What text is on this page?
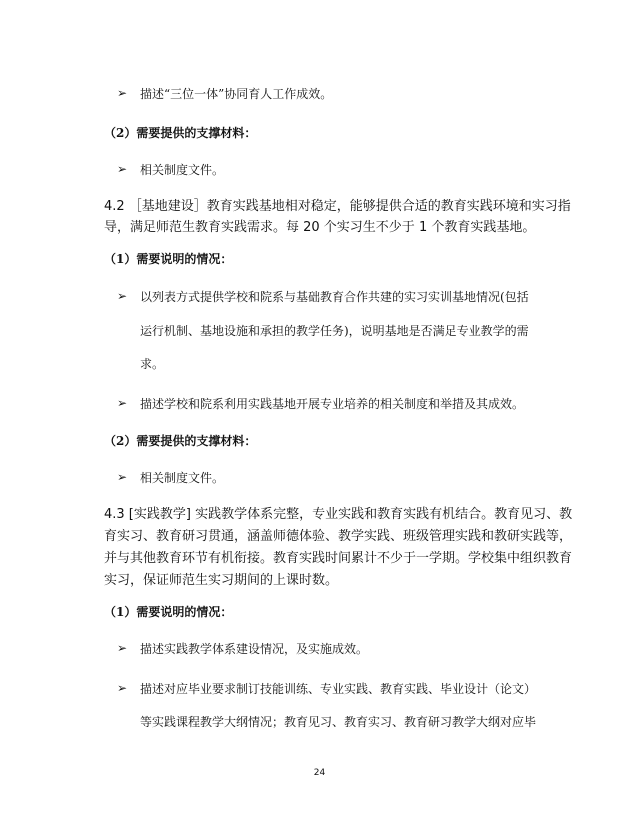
➢ 描述“三位一体”协同育人工作成效。
（2）需要提供的支撑材料：
➢ 相关制度文件。
4.2 ［基地建设］教育实践基地相对稳定，能够提供合适的教育实践环境和实习指
导，满足师范生教育实践需求。每 20 个实习生不少于 1 个教育实践基地。
（1）需要说明的情况：
➢ 以列表方式提供学校和院系与基础教育合作共建的实习实训基地情况(包括
运行机制、基地设施和承担的教学任务)，说明基地是否满足专业教学的需
求。
➢ 描述学校和院系利用实践基地开展专业培养的相关制度和举措及其成效。
（2）需要提供的支撑材料：
➢ 相关制度文件。
4.3 [实践教学] 实践教学体系完整，专业实践和教育实践有机结合。教育见习、教
育实习、教育研习贯通，涵盖师德体验、教学实践、班级管理实践和教研实践等，
并与其他教育环节有机衔接。教育实践时间累计不少于一学期。学校集中组织教育
实习，保证师范生实习期间的上课时数。
（1）需要说明的情况：
➢ 描述实践教学体系建设情况，及实施成效。
➢ 描述对应毕业要求制订技能训练、专业实践、教育实践、毕业设计（论文）
等实践课程教学大纲情况；教育见习、教育实习、教育研习教学大纲对应毕
24
